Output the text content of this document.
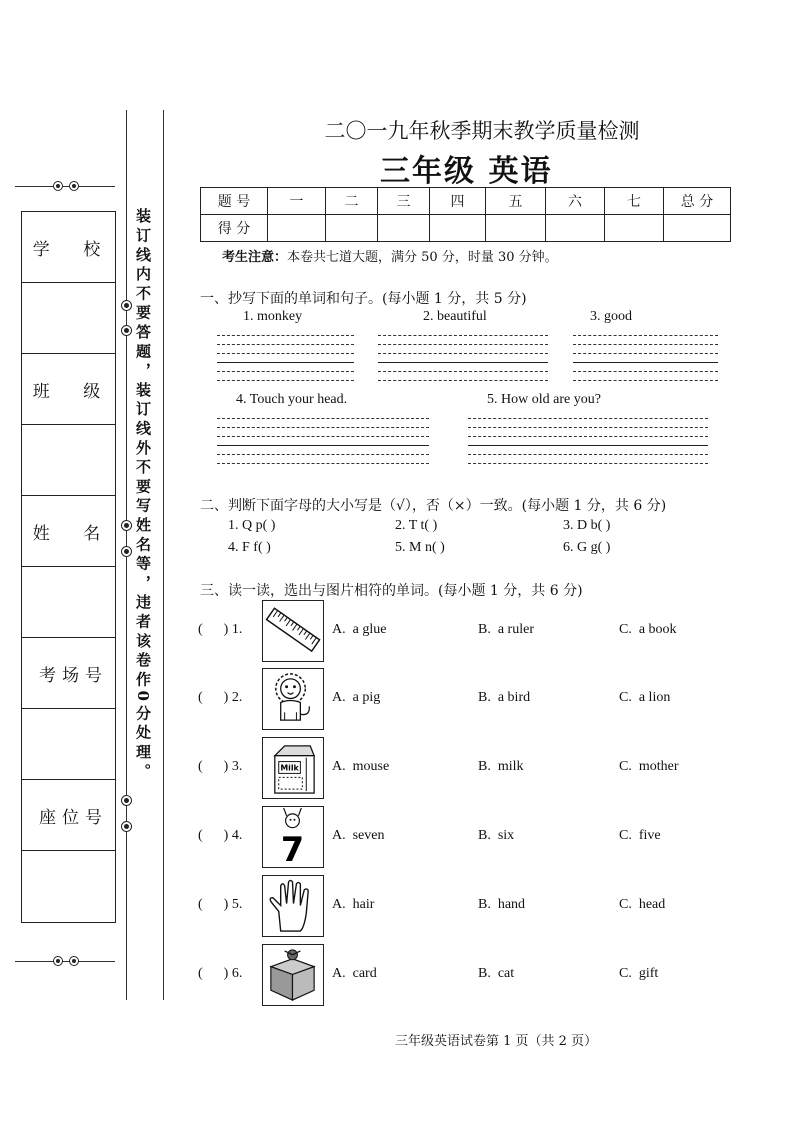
学 校
班 级
姓 名
考场号
座位号
装订线内不要答题，装订线外不要写姓名等，违者该卷作0分处理。
二〇一九年秋季期末教学质量检测
三年级 英语
题 号	一	二	三	四	五	六	七	总 分
得 分								
考生注意：本卷共七道大题，满分 50 分，时量 30 分钟。
一、抄写下面的单词和句子。(每小题 1 分，共 5 分)
1. monkey	2. beautiful	3. good
4. Touch your head.	5. How old are you?
二、判断下面字母的大小写是（√），否（×）一致。(每小题 1 分，共 6 分)
1. Q p( )	2. T t( )	3. D b( )
4. F f( )	5. M n( )	6. G g( )
三、读一读，选出与图片相符的单词。(每小题 1 分，共 6 分)
(      ) 1.	A.  a glue	B.  a ruler	C.  a book
(      ) 2.	A.  a pig	B.  a bird	C.  a lion
(      ) 3.	Milk A.  mouse	B.  milk	C.  mother
(      ) 4. 7 A.  seven	B.  six	C.  five
(      ) 5.	A.  hair	B.  hand	C.  head
(      ) 6.	A.  card	B.  cat	C.  gift
三年级英语试卷第 1 页（共 2 页）
